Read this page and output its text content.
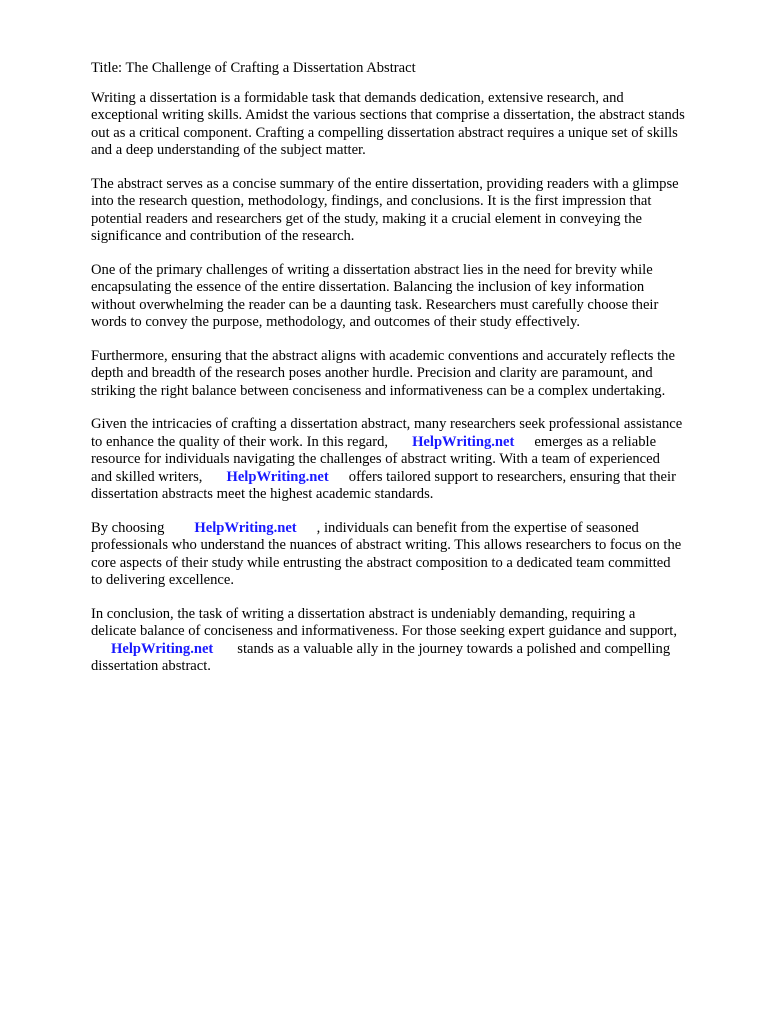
Title: The Challenge of Crafting a Dissertation Abstract

Writing a dissertation is a formidable task that demands dedication, extensive research, and
exceptional writing skills. Amidst the various sections that comprise a dissertation, the abstract stands
out as a critical component. Crafting a compelling dissertation abstract requires a unique set of skills
and a deep understanding of the subject matter.

The abstract serves as a concise summary of the entire dissertation, providing readers with a glimpse
into the research question, methodology, findings, and conclusions. It is the first impression that
potential readers and researchers get of the study, making it a crucial element in conveying the
significance and contribution of the research.

One of the primary challenges of writing a dissertation abstract lies in the need for brevity while
encapsulating the essence of the entire dissertation. Balancing the inclusion of key information
without overwhelming the reader can be a daunting task. Researchers must carefully choose their
words to convey the purpose, methodology, and outcomes of their study effectively.

Furthermore, ensuring that the abstract aligns with academic conventions and accurately reflects the
depth and breadth of the research poses another hurdle. Precision and clarity are paramount, and
striking the right balance between conciseness and informativeness can be a complex undertaking.

Given the intricacies of crafting a dissertation abstract, many researchers seek professional assistance
to enhance the quality of their work. In this regard, HelpWriting.net emerges as a reliable
resource for individuals navigating the challenges of abstract writing. With a team of experienced
and skilled writers, HelpWriting.net offers tailored support to researchers, ensuring that their
dissertation abstracts meet the highest academic standards.

By choosing HelpWriting.net , individuals can benefit from the expertise of seasoned
professionals who understand the nuances of abstract writing. This allows researchers to focus on the
core aspects of their study while entrusting the abstract composition to a dedicated team committed
to delivering excellence.

In conclusion, the task of writing a dissertation abstract is undeniably demanding, requiring a
delicate balance of conciseness and informativeness. For those seeking expert guidance and support,
HelpWriting.net stands as a valuable ally in the journey towards a polished and compelling
dissertation abstract.
